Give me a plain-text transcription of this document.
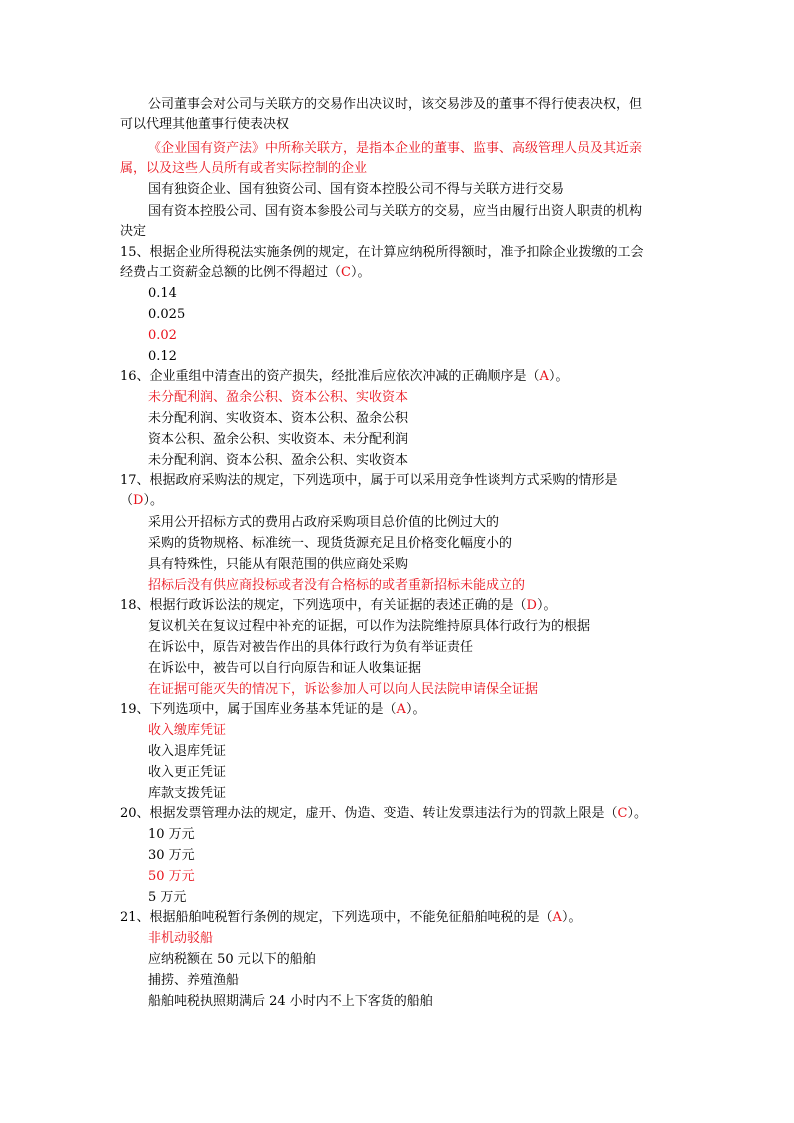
公司董事会对公司与关联方的交易作出决议时，该交易涉及的董事不得行使表决权，但
可以代理其他董事行使表决权
《企业国有资产法》中所称关联方，是指本企业的董事、监事、高级管理人员及其近亲
属，以及这些人员所有或者实际控制的企业
国有独资企业、国有独资公司、国有资本控股公司不得与关联方进行交易
国有资本控股公司、国有资本参股公司与关联方的交易，应当由履行出资人职责的机构
决定
15、根据企业所得税法实施条例的规定，在计算应纳税所得额时，准予扣除企业拨缴的工会
经费占工资薪金总额的比例不得超过（C）。
0.14
0.025
0.02
0.12
16、企业重组中清查出的资产损失，经批准后应依次冲减的正确顺序是（A）。
未分配利润、盈余公积、资本公积、实收资本
未分配利润、实收资本、资本公积、盈余公积
资本公积、盈余公积、实收资本、未分配利润
未分配利润、资本公积、盈余公积、实收资本
17、根据政府采购法的规定，下列选项中，属于可以采用竞争性谈判方式采购的情形是
（D）。
采用公开招标方式的费用占政府采购项目总价值的比例过大的
采购的货物规格、标准统一、现货货源充足且价格变化幅度小的
具有特殊性，只能从有限范围的供应商处采购
招标后没有供应商投标或者没有合格标的或者重新招标未能成立的
18、根据行政诉讼法的规定，下列选项中，有关证据的表述正确的是（D）。
复议机关在复议过程中补充的证据，可以作为法院维持原具体行政行为的根据
在诉讼中，原告对被告作出的具体行政行为负有举证责任
在诉讼中，被告可以自行向原告和证人收集证据
在证据可能灭失的情况下，诉讼参加人可以向人民法院申请保全证据
19、下列选项中，属于国库业务基本凭证的是（A）。
收入缴库凭证
收入退库凭证
收入更正凭证
库款支拨凭证
20、根据发票管理办法的规定，虚开、伪造、变造、转让发票违法行为的罚款上限是（C）。
10 万元
30 万元
50 万元
5 万元
21、根据船舶吨税暂行条例的规定，下列选项中，不能免征船舶吨税的是（A）。
非机动驳船
应纳税额在 50 元以下的船舶
捕捞、养殖渔船
船舶吨税执照期满后 24 小时内不上下客货的船舶
